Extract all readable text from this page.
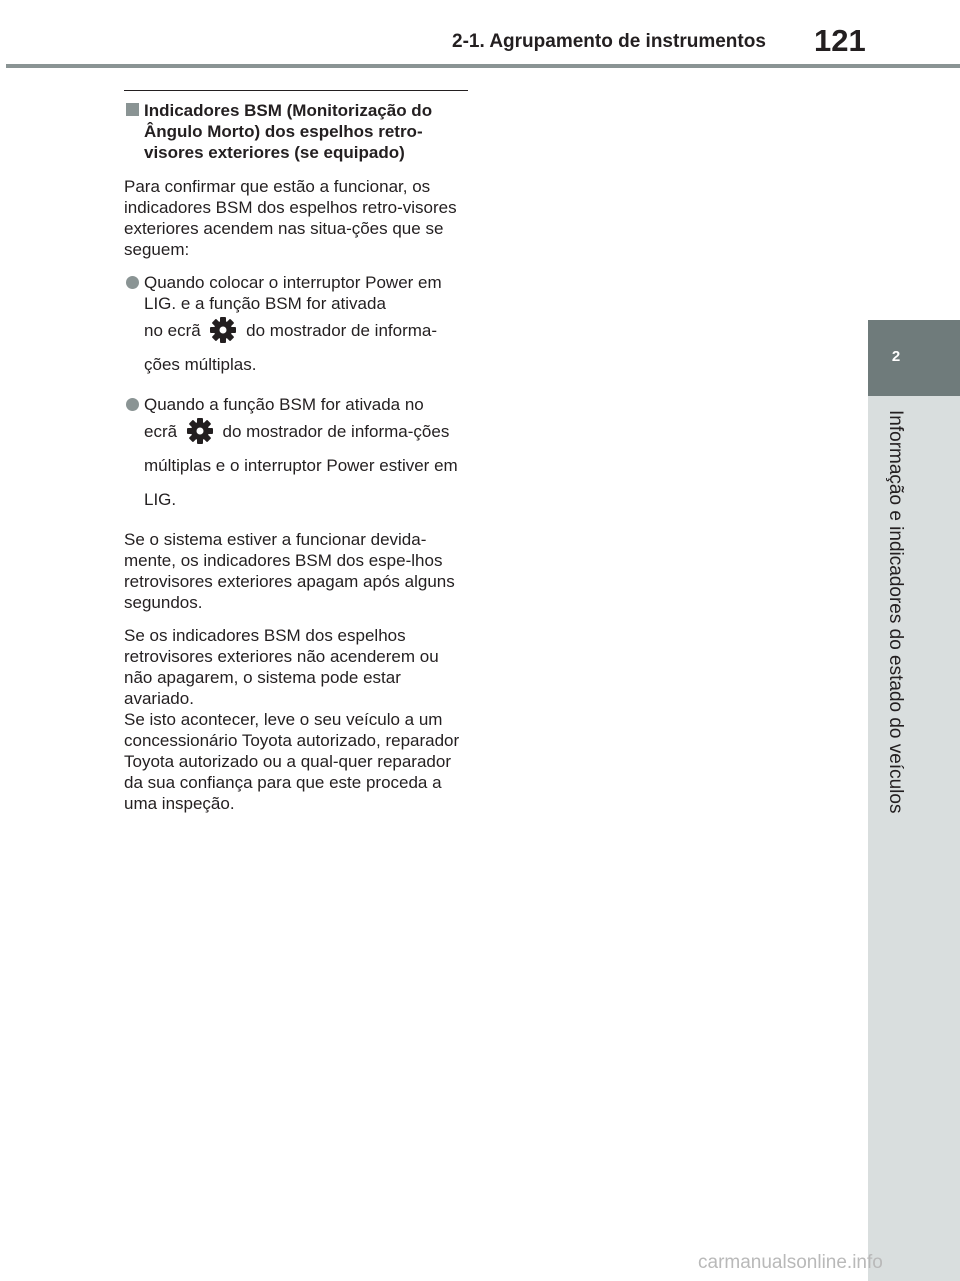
2-1. Agrupamento de instrumentos 121
2
Informação e indicadores do estado do veículos
Indicadores BSM (Monitorização do Ângulo Morto) dos espelhos retro-visores exteriores (se equipado)

Para confirmar que estão a funcionar, os indicadores BSM dos espelhos retro-visores exteriores acendem nas situa-ções que se seguem:

Quando colocar o interruptor Power em LIG. e a função BSM for ativada
no ecrã	do mostrador de informa-ções múltiplas.
Quando a função BSM for ativada no
ecrã	do mostrador de informa-ções múltiplas e o interruptor Power estiver em LIG.

Se o sistema estiver a funcionar devida-mente, os indicadores BSM dos espe-lhos retrovisores exteriores apagam após alguns segundos.

Se os indicadores BSM dos espelhos retrovisores exteriores não acenderem ou não apagarem, o sistema pode estar avariado.

Se isto acontecer, leve o seu veículo a um concessionário Toyota autorizado, reparador Toyota autorizado ou a qual-quer reparador da sua confiança para que este proceda a uma inspeção.

carmanualsonline.info
